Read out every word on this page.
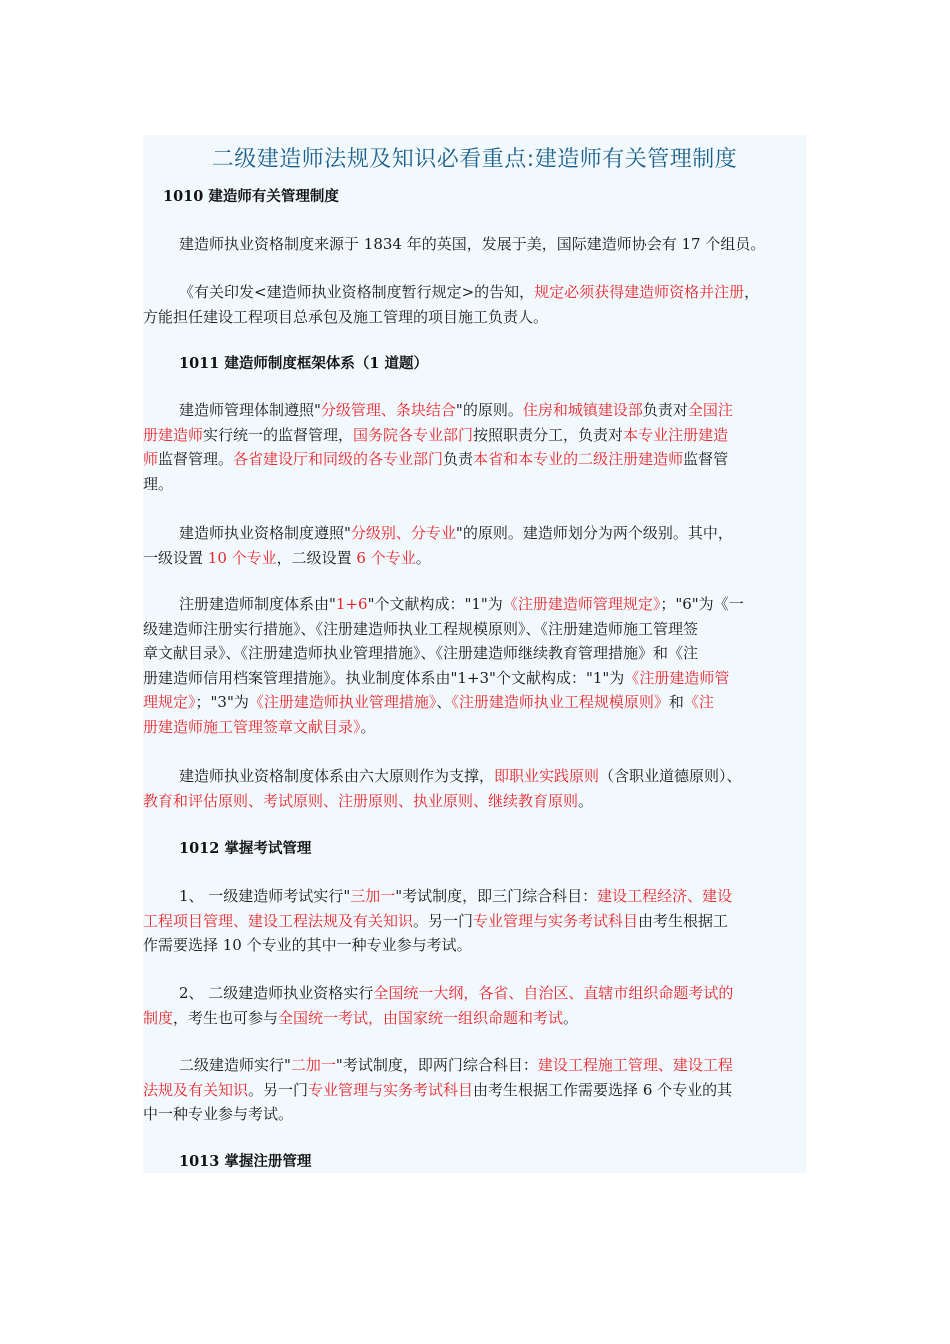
二级建造师法规及知识必看重点:建造师有关管理制度
1010 建造师有关管理制度
建造师执业资格制度来源于 1834 年的英国，发展于美，国际建造师协会有 17 个组员。
《有关印发<建造师执业资格制度暂行规定>的告知，规定必须获得建造师资格并注册，
方能担任建设工程项目总承包及施工管理的项目施工负责人。
1011 建造师制度框架体系（1 道题）
建造师管理体制遵照"分级管理、条块结合"的原则。住房和城镇建设部负责对全国注
册建造师实行统一的监督管理，国务院各专业部门按照职责分工，负责对本专业注册建造
师监督管理。各省建设厅和同级的各专业部门负责本省和本专业的二级注册建造师监督管
理。
建造师执业资格制度遵照"分级别、分专业"的原则。建造师划分为两个级别。其中，
一级设置 10 个专业，二级设置 6 个专业。
注册建造师制度体系由"1+6"个文献构成："1"为《注册建造师管理规定》；"6"为《一
级建造师注册实行措施》、《注册建造师执业工程规模原则》、《注册建造师施工管理签
章文献目录》、《注册建造师执业管理措施》、《注册建造师继续教育管理措施》和《注
册建造师信用档案管理措施》。执业制度体系由"1+3"个文献构成："1"为《注册建造师管
理规定》；"3"为《注册建造师执业管理措施》、《注册建造师执业工程规模原则》和《注
册建造师施工管理签章文献目录》。
建造师执业资格制度体系由六大原则作为支撑，即职业实践原则（含职业道德原则）、
教育和评估原则、考试原则、注册原则、执业原则、继续教育原则。
1012 掌握考试管理
1、 一级建造师考试实行"三加一"考试制度，即三门综合科目：建设工程经济、建设
工程项目管理、建设工程法规及有关知识。另一门专业管理与实务考试科目由考生根据工
作需要选择 10 个专业的其中一种专业参与考试。
2、 二级建造师执业资格实行全国统一大纲，各省、自治区、直辖市组织命题考试的
制度，考生也可参与全国统一考试，由国家统一组织命题和考试。
二级建造师实行"二加一"考试制度，即两门综合科目：建设工程施工管理、建设工程
法规及有关知识。另一门专业管理与实务考试科目由考生根据工作需要选择 6 个专业的其
中一种专业参与考试。
1013 掌握注册管理
